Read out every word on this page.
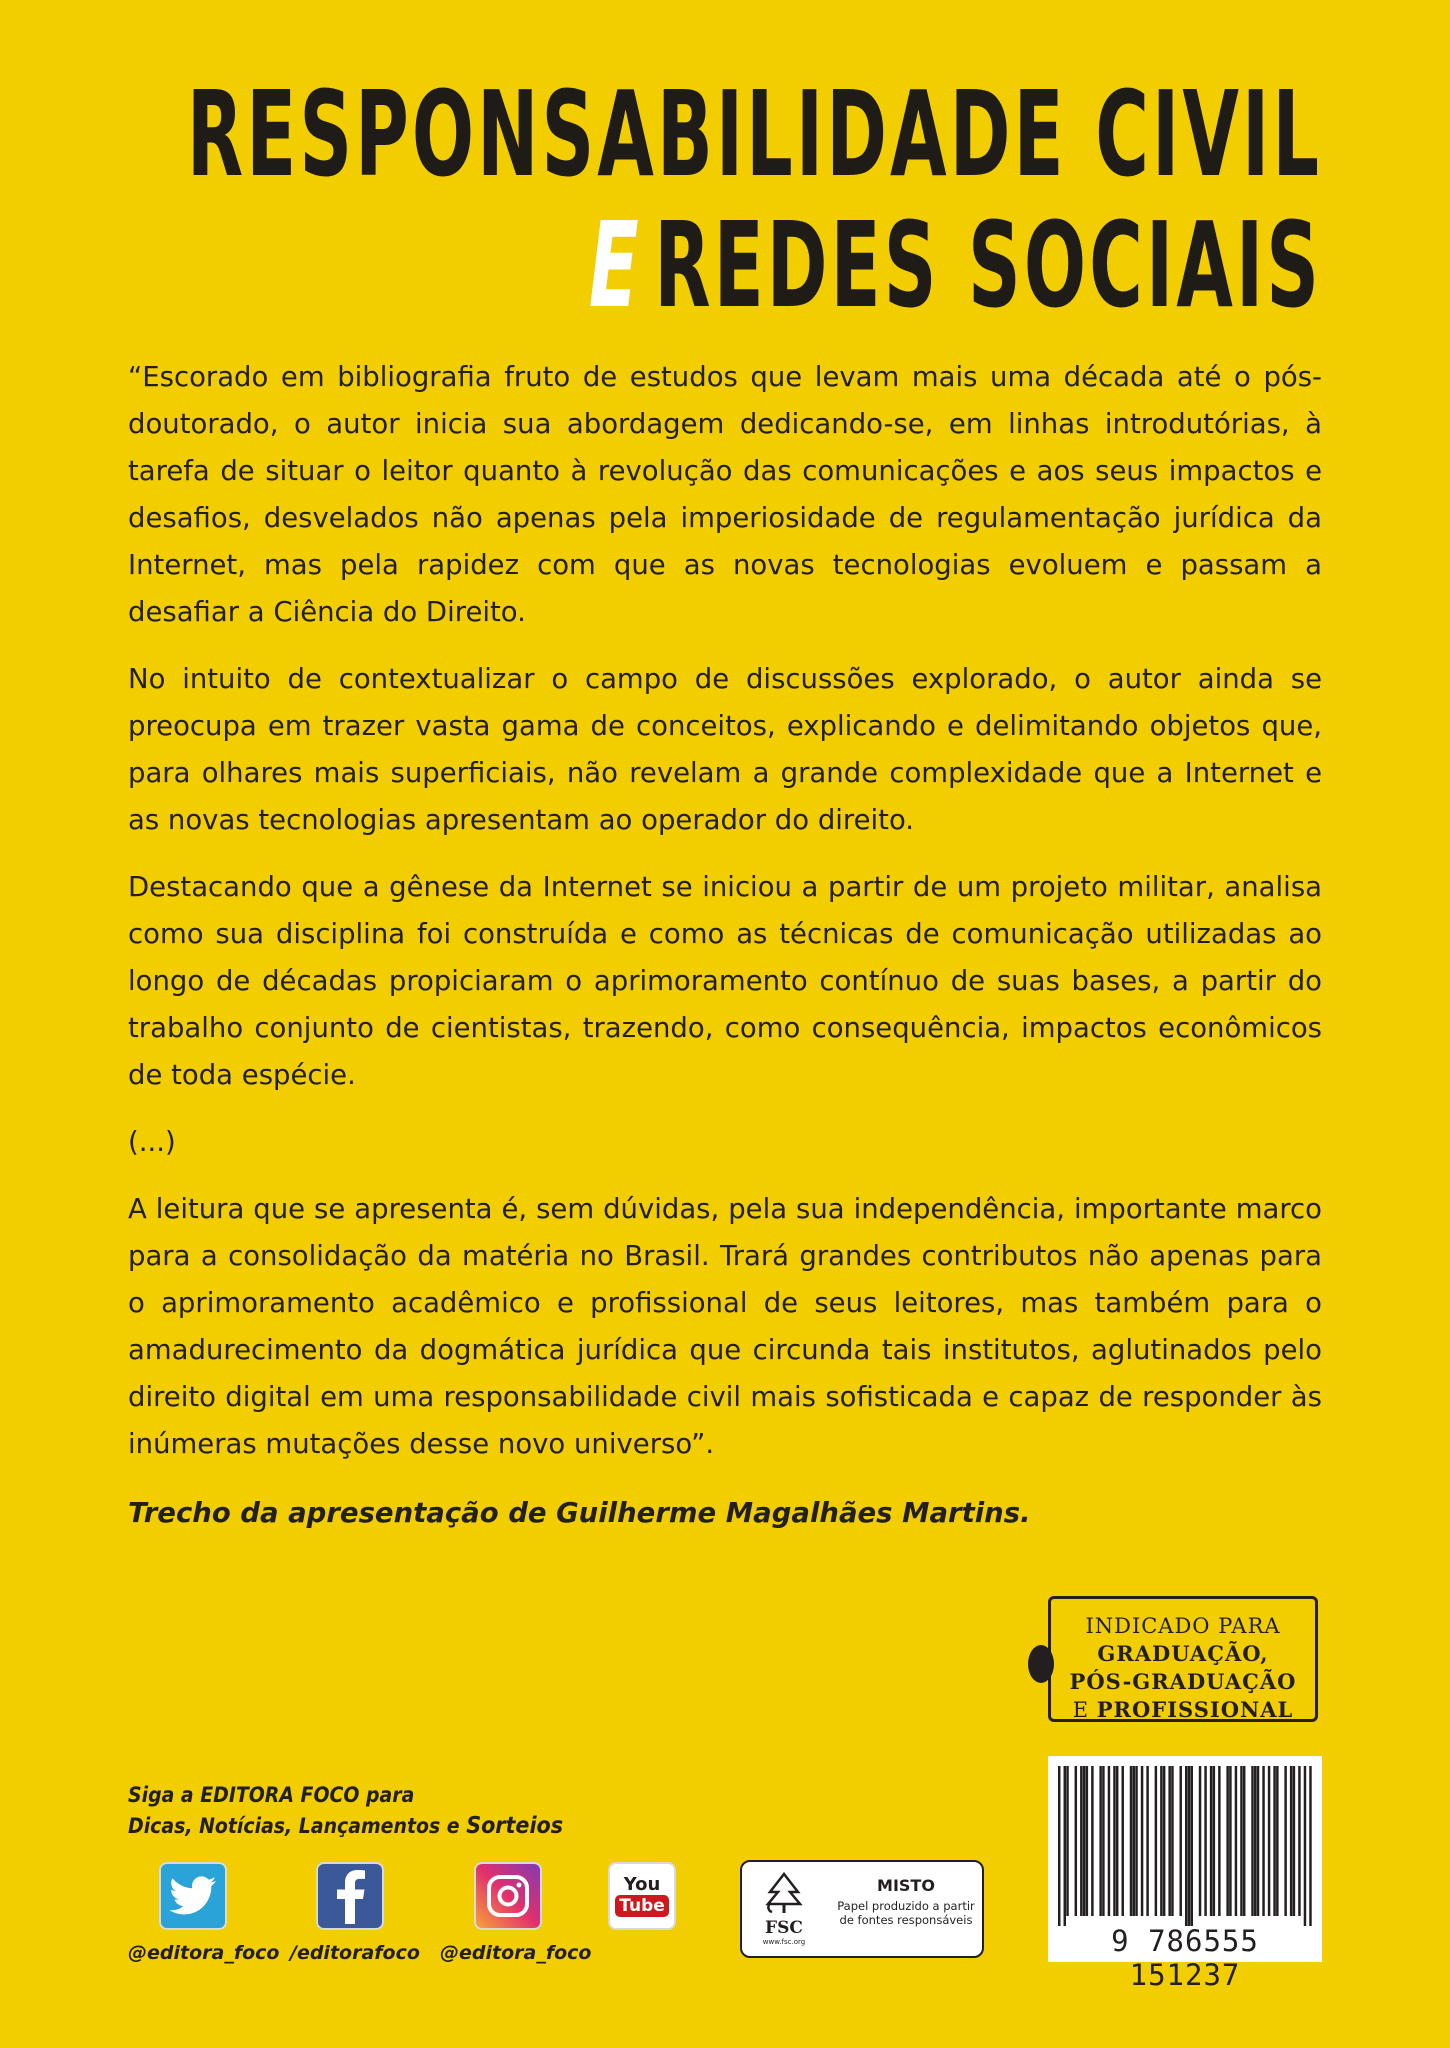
RESPONSABILIDADE CIVIL
E REDES SOCIAIS

“Escorado em bibliografia fruto de estudos que levam mais uma década até o pós-doutorado, o autor inicia sua abordagem dedicando-se, em linhas introdutórias, à tarefa de situar o leitor quanto à revolução das comunicações e aos seus impactos e desafios, desvelados não apenas pela imperiosidade de regulamentação jurídica da Internet, mas pela rapidez com que as novas tecnologias evoluem e passam a desafiar a Ciência do Direito.

No intuito de contextualizar o campo de discussões explorado, o autor ainda se preocupa em trazer vasta gama de conceitos, explicando e delimitando objetos que, para olhares mais superficiais, não revelam a grande complexidade que a Internet e as novas tecnologias apresentam ao operador do direito.

Destacando que a gênese da Internet se iniciou a partir de um projeto militar, analisa como sua disciplina foi construída e como as técnicas de comunicação utilizadas ao longo de décadas propiciaram o aprimoramento contínuo de suas bases, a partir do trabalho conjunto de cientistas, trazendo, como consequência, impactos econômicos de toda espécie.

(...)

A leitura que se apresenta é, sem dúvidas, pela sua independência, importante marco para a consolidação da matéria no Brasil. Trará grandes contributos não apenas para o aprimoramento acadêmico e profissional de seus leitores, mas também para o amadurecimento da dogmática jurídica que circunda tais institutos, aglutinados pelo direito digital em uma responsabilidade civil mais sofisticada e capaz de responder às inúmeras mutações desse novo universo”.

Trecho da apresentação de Guilherme Magalhães Martins.

INDICADO PARA
GRADUAÇÃO,
PÓS-GRADUAÇÃO
E PROFISSIONAL
Siga a EDITORA FOCO para
Dicas, Notícias, Lançamentos e Sorteios
@editora_foco /editorafoco @editora_foco
You
Tube
FSC
www.fsc.org
MISTO
Papel produzido a partir de fontes responsáveis
9 786555 151237
